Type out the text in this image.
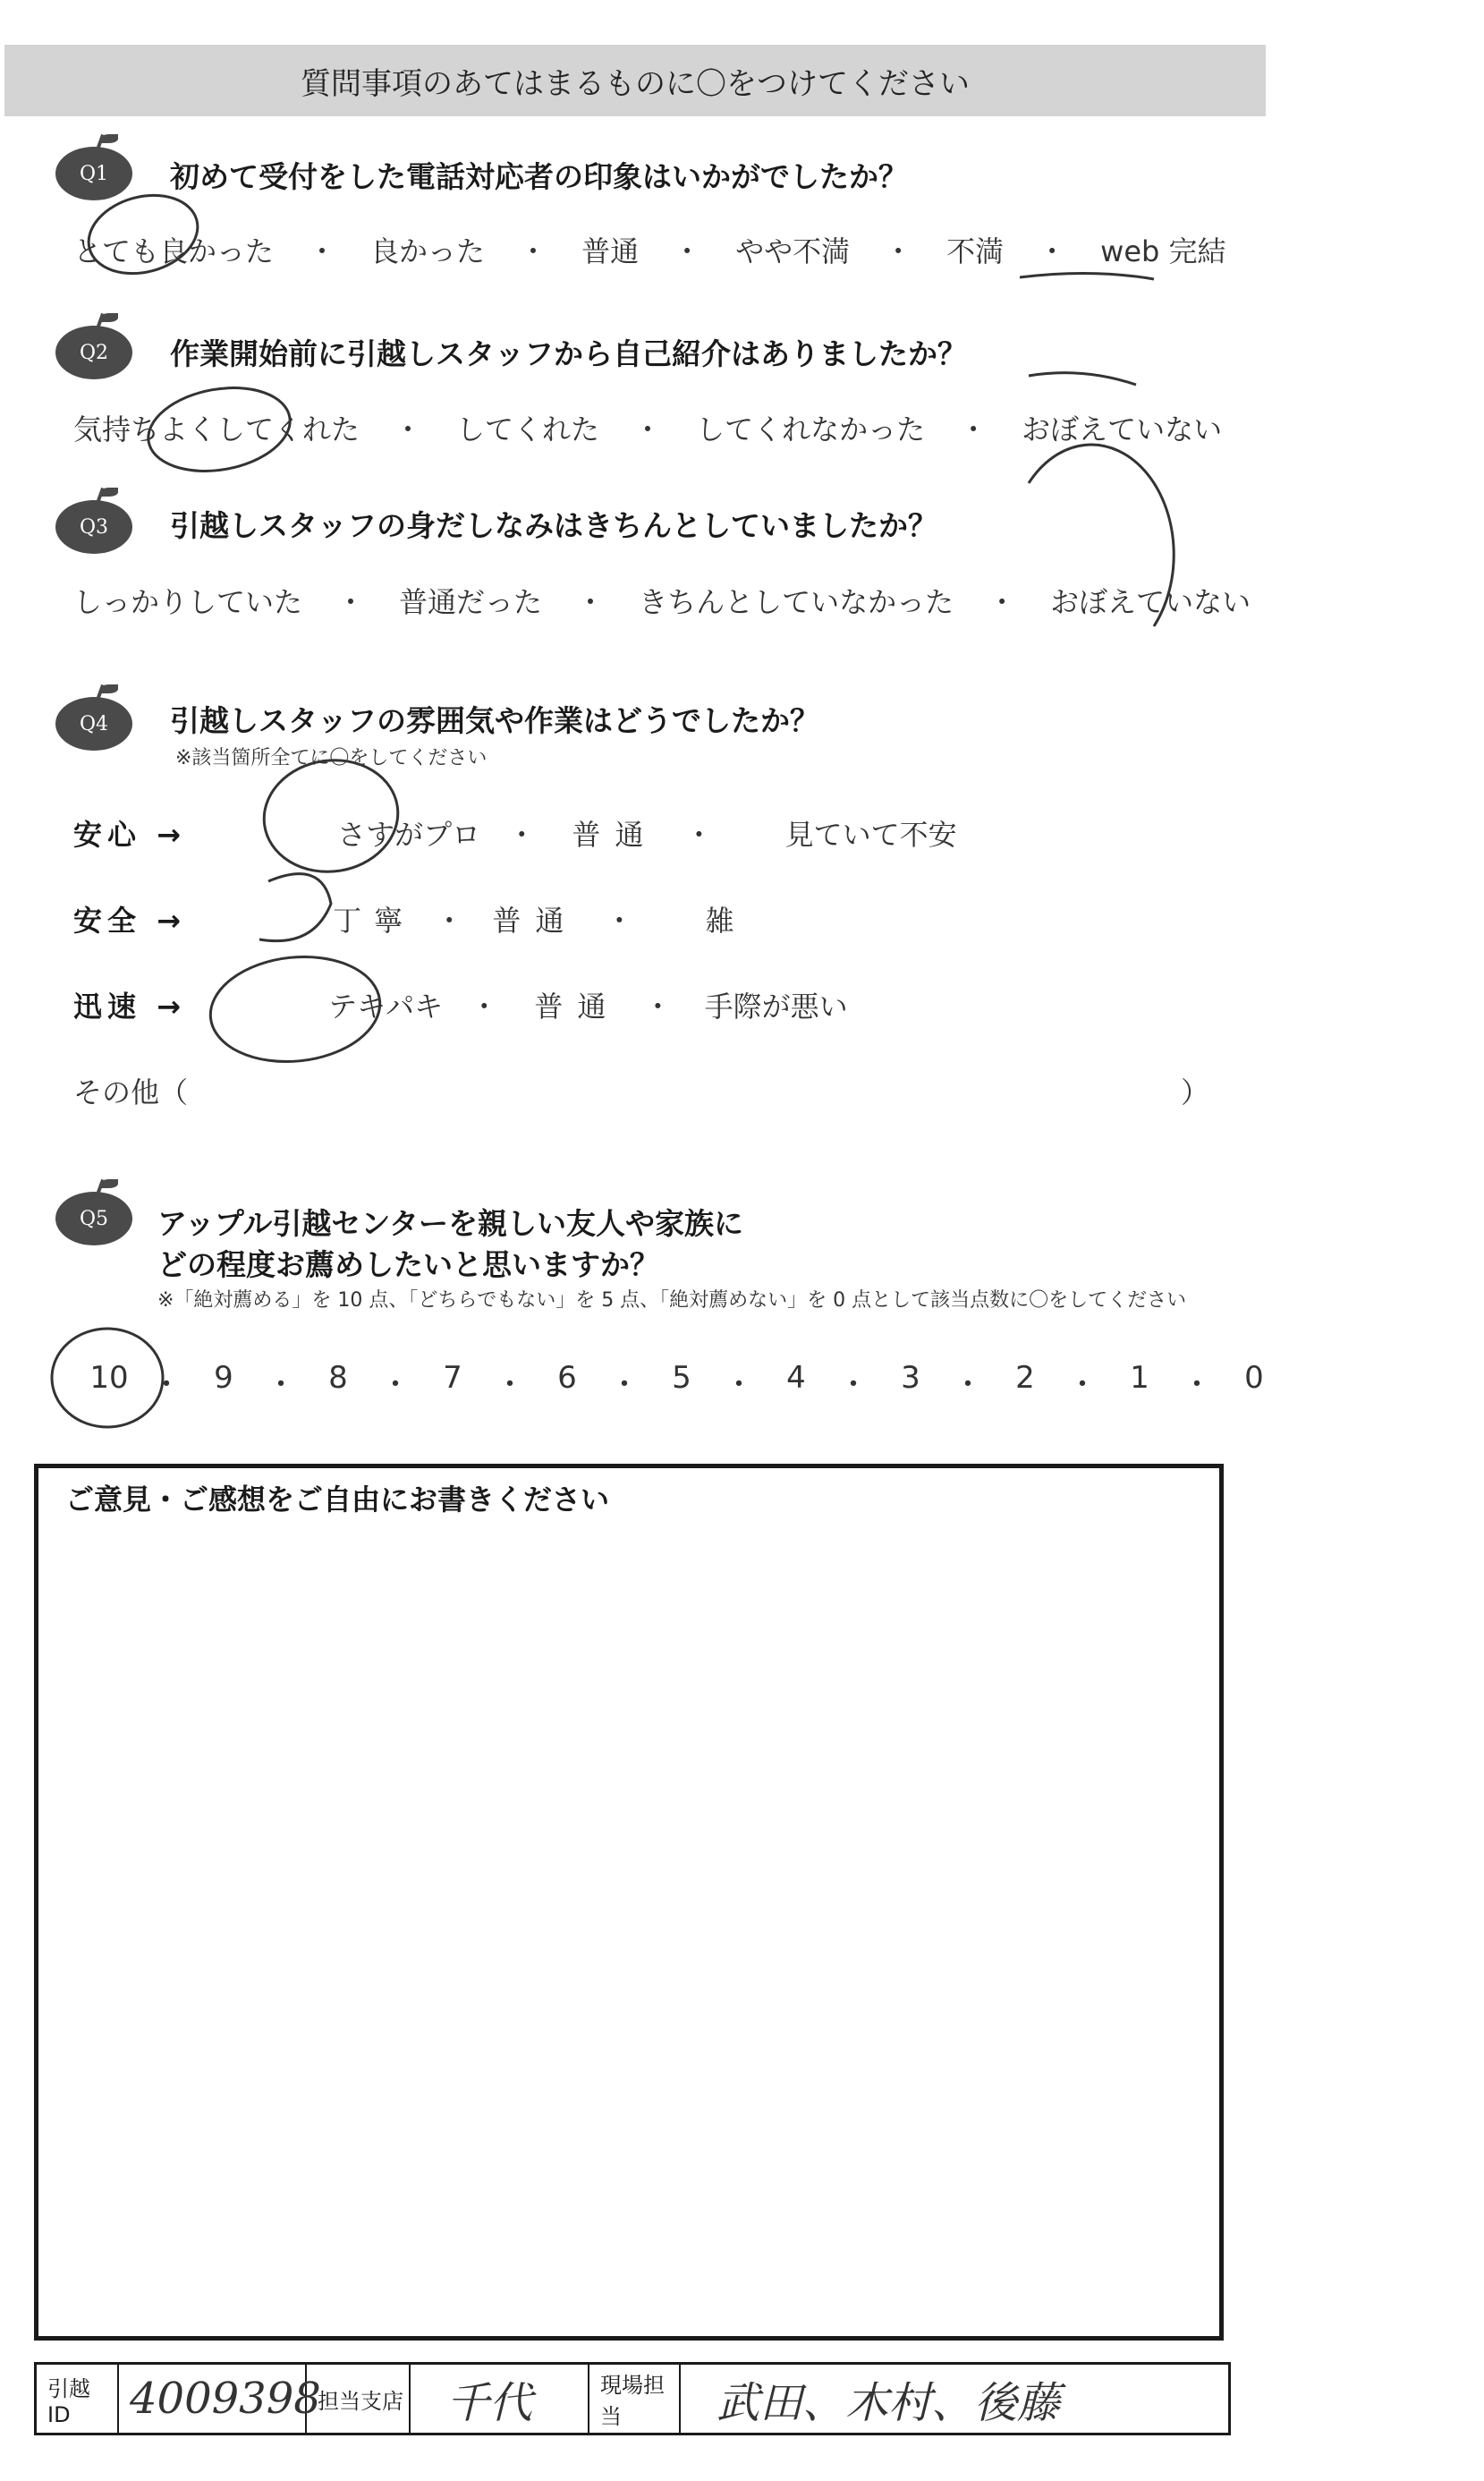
質問事項のあてはまるものに〇をつけてください
Q1	初めて受付をした電話対応者の印象はいかがでしたか？
とても良かった	・	良かった	・	普通	・	やや不満	・	不満	・	web 完結
Q2	作業開始前に引越しスタッフから自己紹介はありましたか？
気持ちよくしてくれた	・	してくれた	・	してくれなかった	・	おぼえていない
Q3	引越しスタッフの身だしなみはきちんとしていましたか？
しっかりしていた	・	普通だった	・	きちんとしていなかった	・	おぼえていない
Q4	引越しスタッフの雰囲気や作業はどうでしたか？
※該当箇所全てに〇をしてください
安心 →	さすがプロ ・ 普通 ・	見ていて不安
安全 →	丁寧 ・ 普通 ・	雑
迅速 →	テキパキ ・ 普通 ・ 手際が悪い
その他（	）
Q5	アップル引越センターを親しい友人や家族に
どの程度お薦めしたいと思いますか？
※「絶対薦める」を 10 点、「どちらでもない」を 5 点、「絶対薦めない」を 0 点として該当点数に〇をしてください
10 ・	9	・	8	・	7	・	6	・	5	・	4	・	3	・	2	・	1	・	0
ご意見・ご感想をご自由にお書きください
引越 ID	4009398
担当支店	千代	現場担当	武田、木村、後藤
